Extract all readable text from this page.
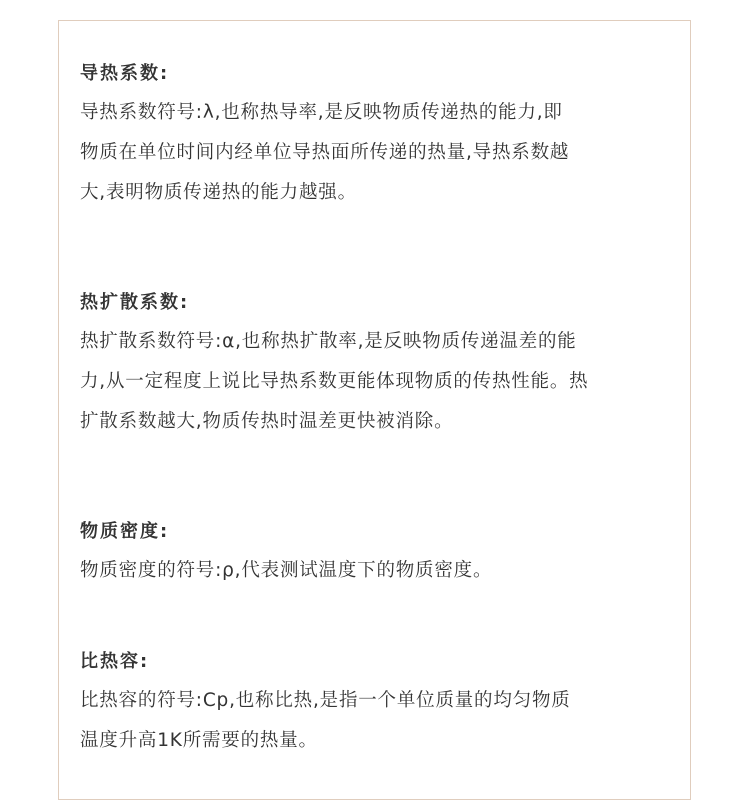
导热系数:

导热系数符号:λ,也称热导率,是反映物质传递热的能力,即
物质在单位时间内经单位导热面所传递的热量,导热系数越
大,表明物质传递热的能力越强。

热扩散系数:

热扩散系数符号:α,也称热扩散率,是反映物质传递温差的能
力,从一定程度上说比导热系数更能体现物质的传热性能。热
扩散系数越大,物质传热时温差更快被消除。

物质密度:

物质密度的符号:ρ,代表测试温度下的物质密度。

比热容:

比热容的符号:Cp,也称比热,是指一个单位质量的均匀物质
温度升高1K所需要的热量。
